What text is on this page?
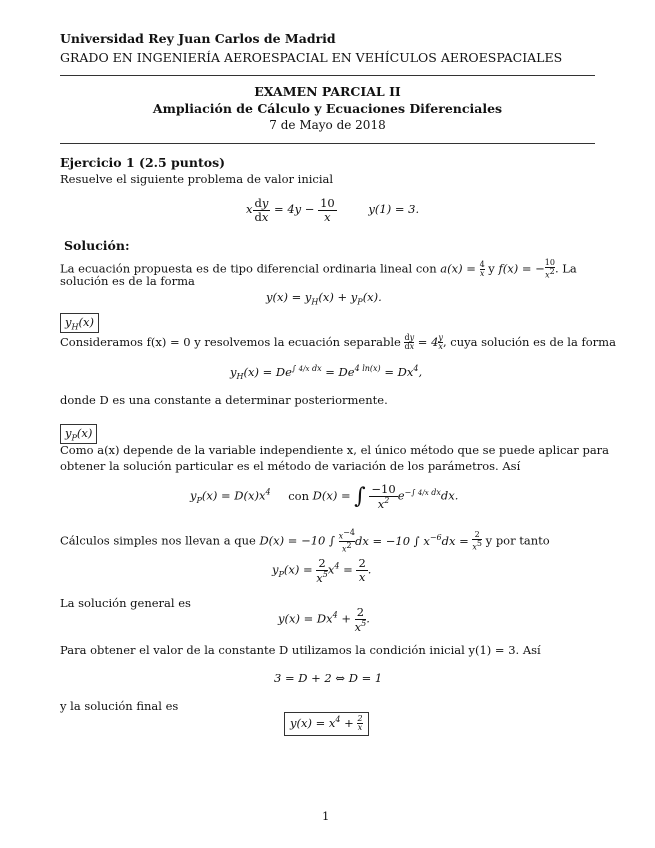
Universidad Rey Juan Carlos de Madrid
GRADO EN INGENIERÍA AEROESPACIAL EN VEHÍCULOS AEROESPACIALES
EXAMEN PARCIAL II
Ampliación de Cálculo y Ecuaciones Diferenciales
7 de Mayo de 2018
Ejercicio 1 (2.5 puntos)
Resuelve el siguiente problema de valor inicial
x $\frac{dy}{dx} = 4y - \frac{10}{x}$	y(1) = 3.
Solución:
La ecuación propuesta es de tipo diferencial ordinaria lineal con $a(x) = \frac{4}{x}$ y f(x) = − $\frac{10}{x^2}$ . La
solución es de la forma
$y(x) = y_H(x) + y_P(x)$.
$y_H(x)$
Consideramos f(x) = 0 y resolvemos la ecuación separable $\frac{dy}{dx} = 4 \frac{y}{x}$ , cuya solución es de la forma
$y_H(x) = De^{\int 4/x dx} = De^{4 ln(x)} = Dx^4$,
donde D es una constante a determinar posteriormente.
$y_P(x)$
Como a(x) depende de la variable independiente x, el único método que se puede aplicar para
obtener la solución particular es el método de variación de los parámetros. Así
$y_P(x) = D(x)x^4$ con D(x) = ∫ $\frac{-10}{x^2} e^{-\int 4/x dx}dx$.
Cálculos simples nos llevan a que D(x) = −10 ∫ $\frac{x^{-4}}{x^2}$ dx = −10 ∫ $x^{-6}dx = \frac{2}{x^5}$ y por tanto
$y_P(x) = \frac{2}{x^5} x^4 = \frac{2}{x}$ .
La solución general es
$y(x) = Dx^4 + \frac{2}{x^5}$ .
Para obtener el valor de la constante D utilizamos la condición inicial y(1) = 3. Así
3 = D + 2 ⇔ D = 1
y la solución final es
$y(x) = x^4 + \frac{2}{x}$
1
